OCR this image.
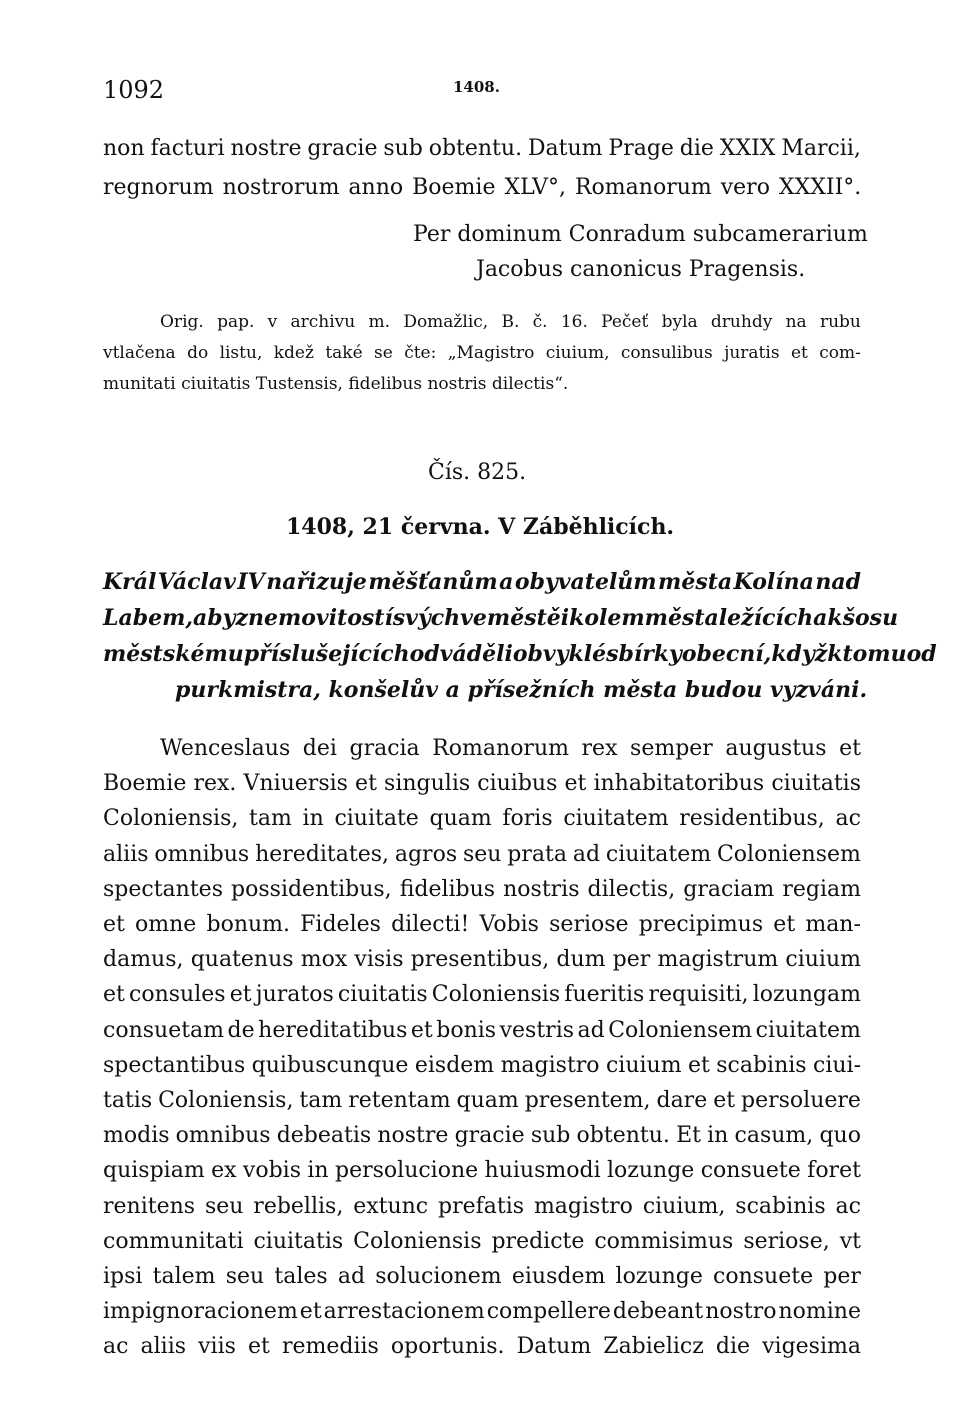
1092	1408.
non facturi nostre gracie sub obtentu. Datum Prage die XXIX Marcii,
regnorum nostrorum anno Boemie XLV°, Romanorum vero XXXII°.
Per dominum Conradum subcamerarium
Jacobus canonicus Pragensis.
Orig. pap. v archivu m. Domažlic, B. č. 16. Pečeť byla druhdy na rubu
vtlačena do listu, kdež také se čte: „Magistro ciuium, consulibus juratis et com-
munitati ciuitatis Tustensis, fidelibus nostris dilectis“.
Čís. 825.
1408, 21 června. V Záběhlicích.
Král Václav IV nařizuje měšťanům a obyvatelům města Kolína nad
Labem, aby z nemovitostí svých ve městě i kolem města ležících a k šosu
městskému příslušejících odváděli obvyklé sbírky obecní, když k tomu od
purkmistra, konšelův a přísežních města budou vyzváni.
Wenceslaus dei gracia Romanorum rex semper augustus et
Boemie rex. Vniuersis et singulis ciuibus et inhabitatoribus ciuitatis
Coloniensis, tam in ciuitate quam foris ciuitatem residentibus, ac
aliis omnibus hereditates, agros seu prata ad ciuitatem Coloniensem
spectantes possidentibus, fidelibus nostris dilectis, graciam regiam
et omne bonum. Fideles dilecti! Vobis seriose precipimus et man-
damus, quatenus mox visis presentibus, dum per magistrum ciuium
et consules et juratos ciuitatis Coloniensis fueritis requisiti, lozungam
consuetam de hereditatibus et bonis vestris ad Coloniensem ciuitatem
spectantibus quibuscunque eisdem magistro ciuium et scabinis ciui-
tatis Coloniensis, tam retentam quam presentem, dare et persoluere
modis omnibus debeatis nostre gracie sub obtentu. Et in casum, quo
quispiam ex vobis in persolucione huiusmodi lozunge consuete foret
renitens seu rebellis, extunc prefatis magistro ciuium, scabinis ac
communitati ciuitatis Coloniensis predicte commisimus seriose, vt
ipsi talem seu tales ad solucionem eiusdem lozunge consuete per
impignoracionem et arrestacionem compellere debeant nostro nomine
ac aliis viis et remediis oportunis. Datum Zabielicz die vigesima
